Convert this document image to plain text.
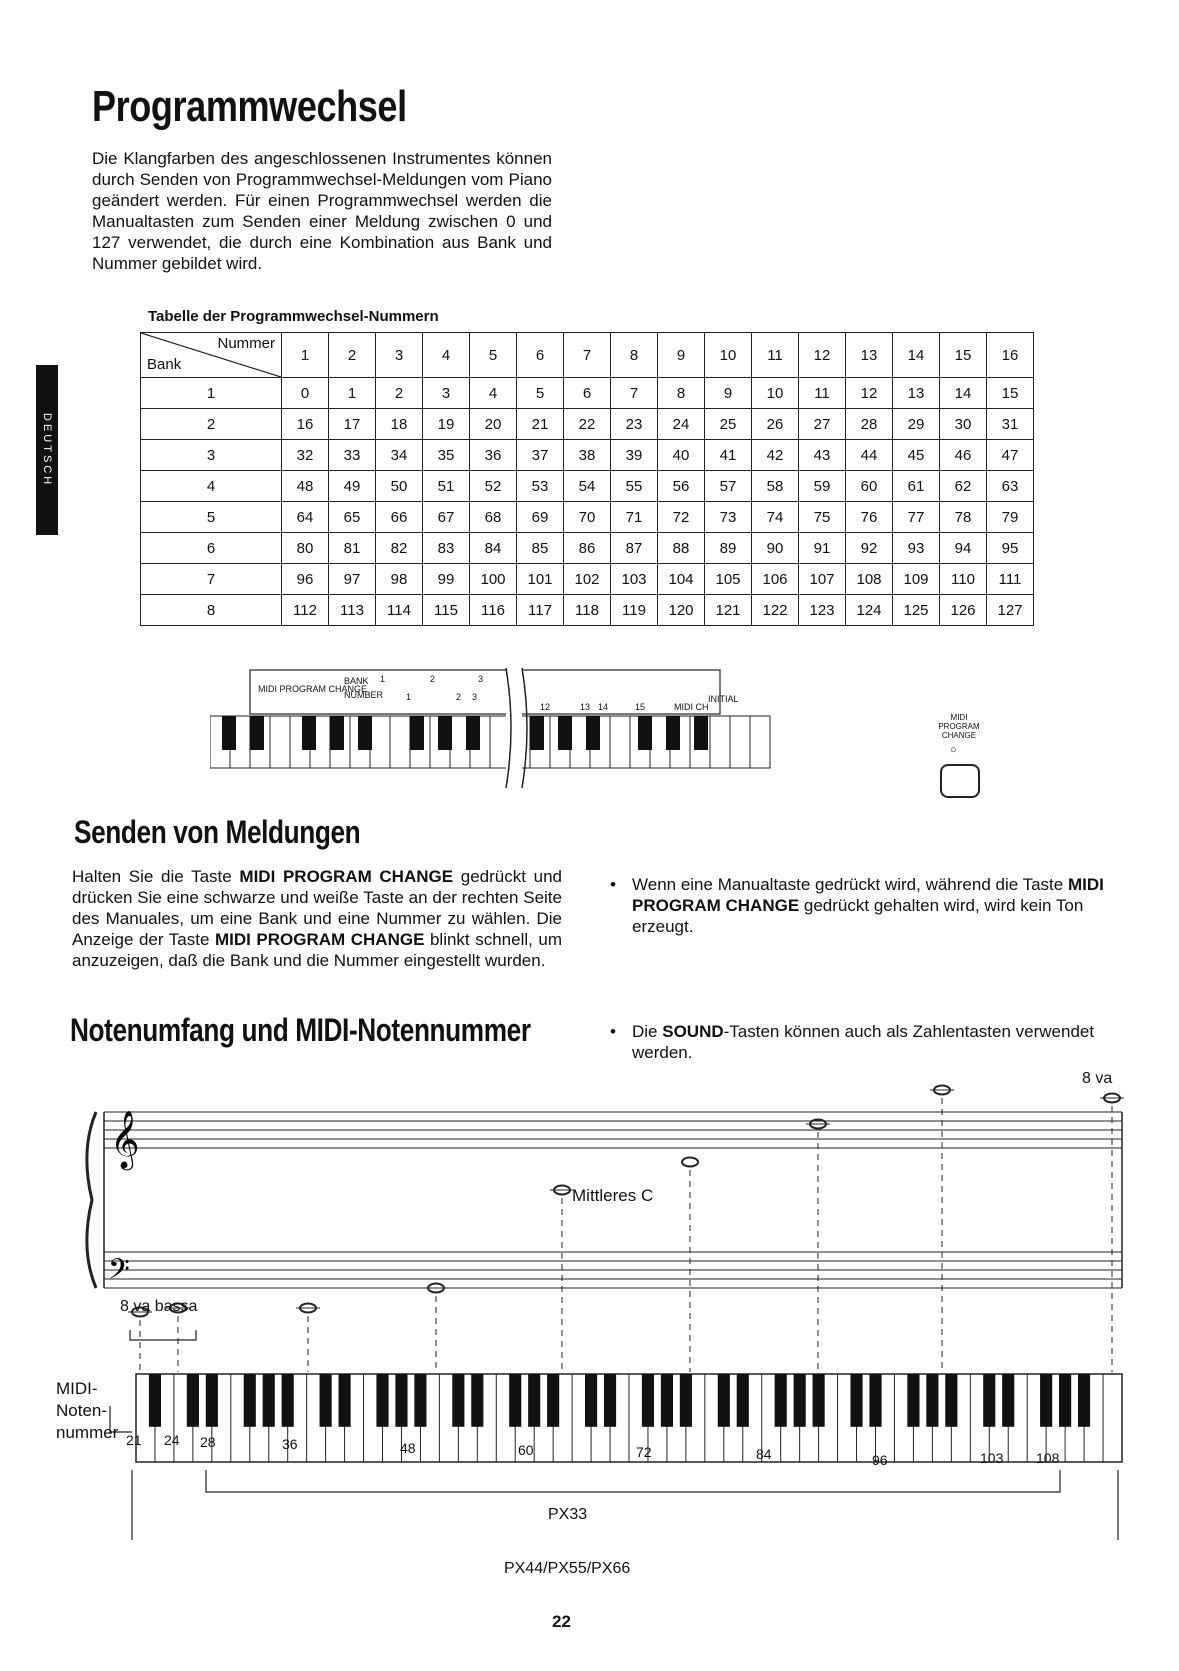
DEUTSCH
Programmwechsel

Die Klangfarben des angeschlossenen Instrumentes können durch Senden von Programmwechsel-Meldungen vom Piano geändert werden. Für einen Programmwechsel werden die Manualtasten zum Senden einer Meldung zwischen 0 und 127 verwendet, die durch eine Kombination aus Bank und Nummer gebildet wird.

Tabelle der Programmwechsel-Nummern
Nummer
Bank	1	2	3	4	5	6	7	8	9	10	11	12	13	14	15	16
1	0	1	2	3	4	5	6	7	8	9	10	11	12	13	14	15
2	16	17	18	19	20	21	22	23	24	25	26	27	28	29	30	31
3	32	33	34	35	36	37	38	39	40	41	42	43	44	45	46	47
4	48	49	50	51	52	53	54	55	56	57	58	59	60	61	62	63
5	64	65	66	67	68	69	70	71	72	73	74	75	76	77	78	79
6	80	81	82	83	84	85	86	87	88	89	90	91	92	93	94	95
7	96	97	98	99	100	101	102	103	104	105	106	107	108	109	110	111
8	112	113	114	115	116	117	118	119	120	121	122	123	124	125	126	127
MIDI PROGRAM CHANGE
BANK
NUMBER
1	2	3
1	2 3
12	13 14	15	MIDI CH
INITIAL
MIDI PROGRAM CHANGE
○
Senden von Meldungen

Halten Sie die Taste MIDI PROGRAM CHANGE gedrückt und drücken Sie eine schwarze und weiße Taste an der rechten Seite des Manuales, um eine Bank und eine Nummer zu wählen. Die Anzeige der Taste MIDI PROGRAM CHANGE blinkt schnell, um anzuzeigen, daß die Bank und die Nummer eingestellt wurden.

• Wenn eine Manualtaste gedrückt wird, während die Taste MIDI PROGRAM CHANGE gedrückt gehalten wird, wird kein Ton erzeugt.
• Die SOUND-Tasten können auch als Zahlentasten verwendet werden.
Notenumfang und MIDI-Notennummer
𝄞
𝄢
8 va
8 va bassa
Mittleres C
MIDI-
Noten-
nummer 21 24 28	36	48	60	72	84	96	103 108
PX33
PX44/PX55/PX66
22
